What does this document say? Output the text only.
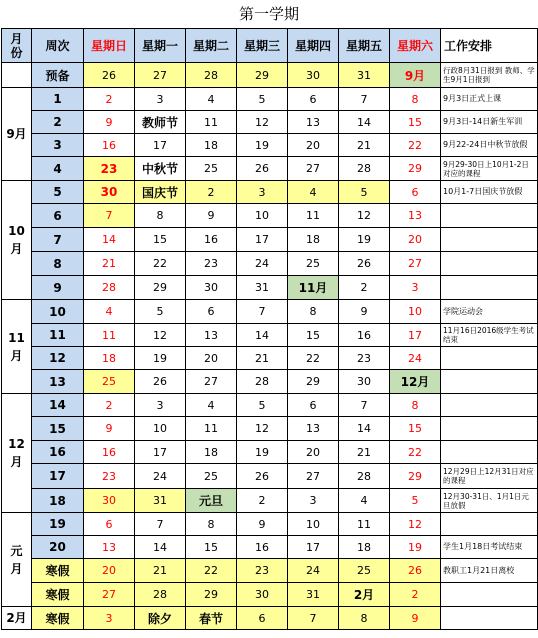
第一学期
月份	周次	星期日	星期一	星期二	星期三	星期四	星期五	星期六	工作安排
	预备	26	27	28	29	30	31	9月	行政8月31日报到 教师、学生9月1日报到
9月	1	2	3	4	5	6	7	8	9月3日正式上课
	2	9	教师节	11	12	13	14	15	9月3日-14日新生军训
	3	16	17	18	19	20	21	22	9月22-24日中秋节放假
	4	23	中秋节	25	26	27	28	29	9月29-30日上10月1-2日对应的课程
10月	5	30	国庆节	2	3	4	5	6	10月1-7日国庆节放假
	6	7	8	9	10	11	12	13	
	7	14	15	16	17	18	19	20	
	8	21	22	23	24	25	26	27	
	9	28	29	30	31	11月	2	3	
11月	10	4	5	6	7	8	9	10	学院运动会
	11	11	12	13	14	15	16	17	11月16日2016级学生考试结束
	12	18	19	20	21	22	23	24	
	13	25	26	27	28	29	30	12月	
12月	14	2	3	4	5	6	7	8	
	15	9	10	11	12	13	14	15	
	16	16	17	18	19	20	21	22	
	17	23	24	25	26	27	28	29	12月29日上12月31日对应的课程
	18	30	31	元旦	2	3	4	5	12月30-31日、1月1日元旦放假
元月	19	6	7	8	9	10	11	12	
	20	13	14	15	16	17	18	19	学生1月18日考试结束
	寒假	20	21	22	23	24	25	26	教职工1月21日离校
	寒假	27	28	29	30	31	2月	2	
2月	寒假	3	除夕	春节	6	7	8	9	
